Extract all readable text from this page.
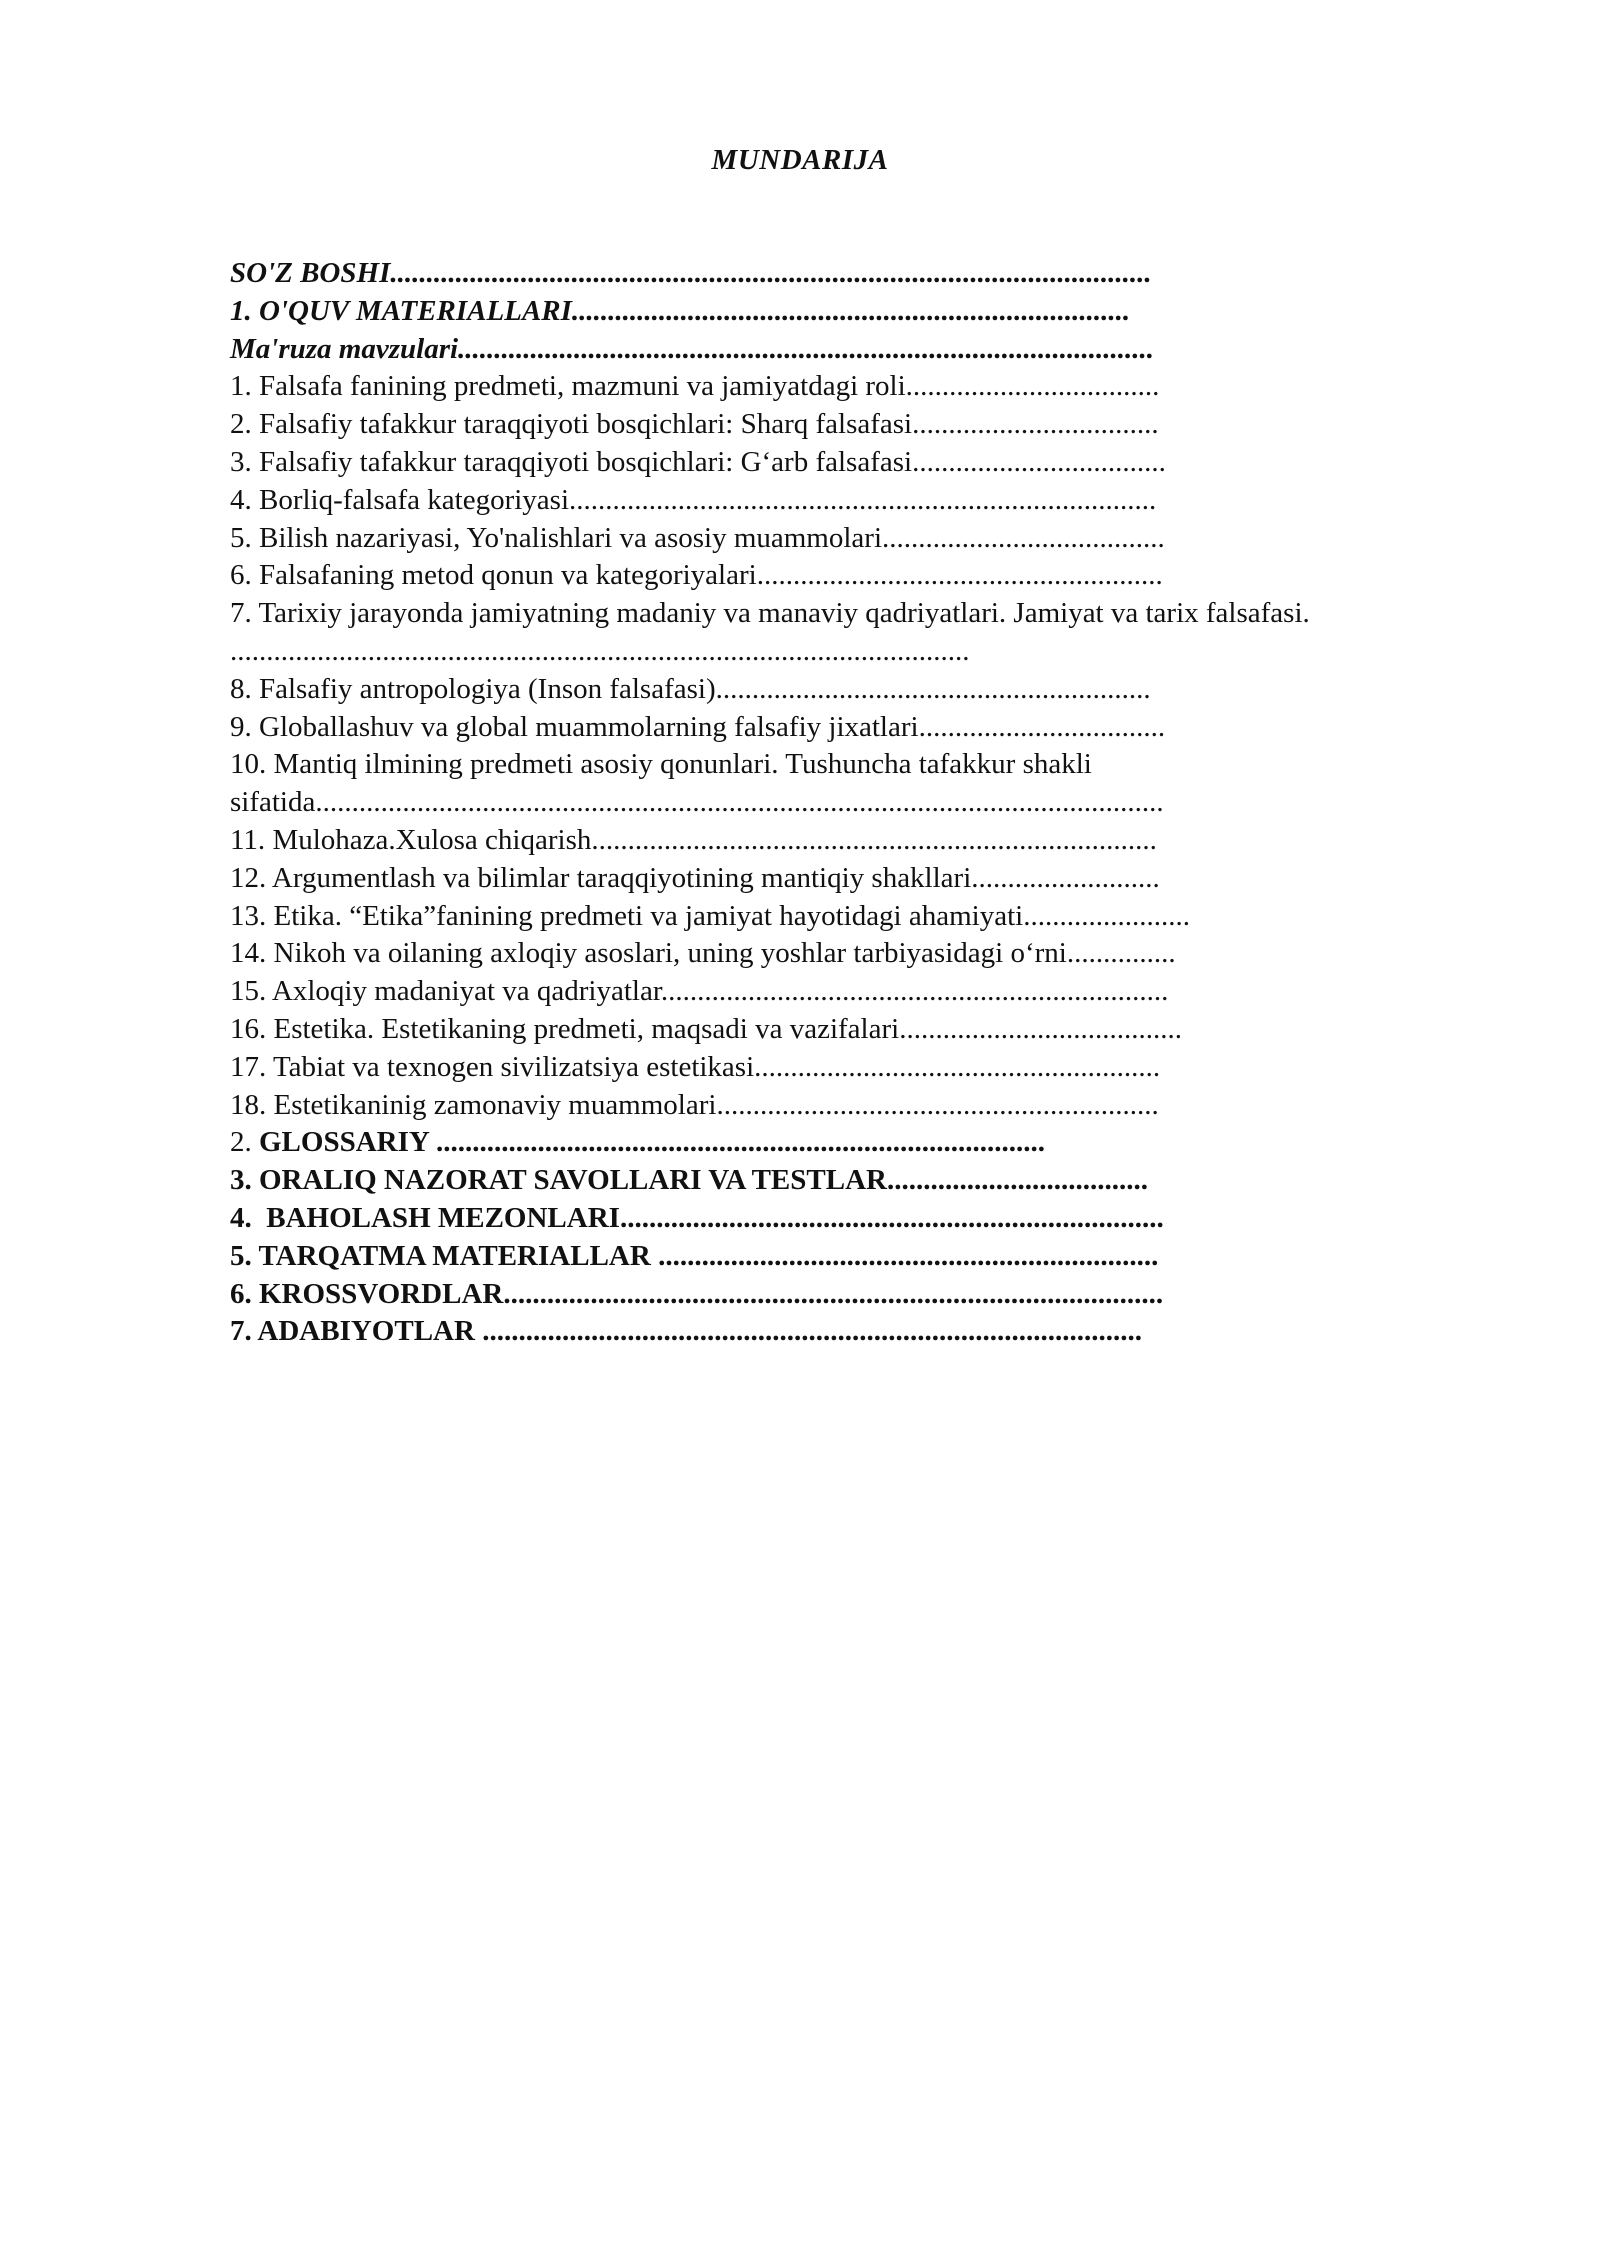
MUNDARIJA
SO'Z BOSHI.........................................................................................................
1. O'QUV MATERIALLARI.............................................................................
Ma'ruza mavzulari................................................................................................
1. Falsafa fanining predmeti, mazmuni va jamiyatdagi roli...................................
2. Falsafiy tafakkur taraqqiyoti bosqichlari: Sharq falsafasi..................................
3. Falsafiy tafakkur taraqqiyoti bosqichlari: G‘arb falsafasi...................................
4. Borliq-falsafa kategoriyasi.................................................................................
5. Bilish nazariyasi, Yo'nalishlari va asosiy muammolari.......................................
6. Falsafaning metod qonun va kategoriyalari........................................................
7. Tarixiy jarayonda jamiyatning madaniy va manaviy qadriyatlari. Jamiyat va tarix falsafasi. ......................................................................................................
8. Falsafiy antropologiya (Inson falsafasi)............................................................
9. Globallashuv va global muammolarning falsafiy jixatlari..................................
10. Mantiq ilmining predmeti asosiy qonunlari. Tushuncha tafakkur shakli sifatida.....................................................................................................................
11. Mulohaza.Xulosa chiqarish..............................................................................
12. Argumentlash va bilimlar taraqqiyotining mantiqiy shakllari..........................
13. Etika. “Etika”fanining predmeti va jamiyat hayotidagi ahamiyati.......................
14. Nikoh va oilaning axloqiy asoslari, uning yoshlar tarbiyasidagi o‘rni...............
15. Axloqiy madaniyat va qadriyatlar......................................................................
16. Estetika. Estetikaning predmeti, maqsadi va vazifalari.......................................
17. Tabiat va texnogen sivilizatsiya estetikasi........................................................
18. Estetikaninig zamonaviy muammolari.............................................................
2. GLOSSARIY ....................................................................................
3. ORALIQ NAZORAT SAVOLLARI VA TESTLAR....................................
4.  BAHOLASH MEZONLARI...........................................................................
5. TARQATMA MATERIALLAR .....................................................................
6. KROSSVORDLAR...........................................................................................
7. ADABIYOTLAR ...........................................................................................
